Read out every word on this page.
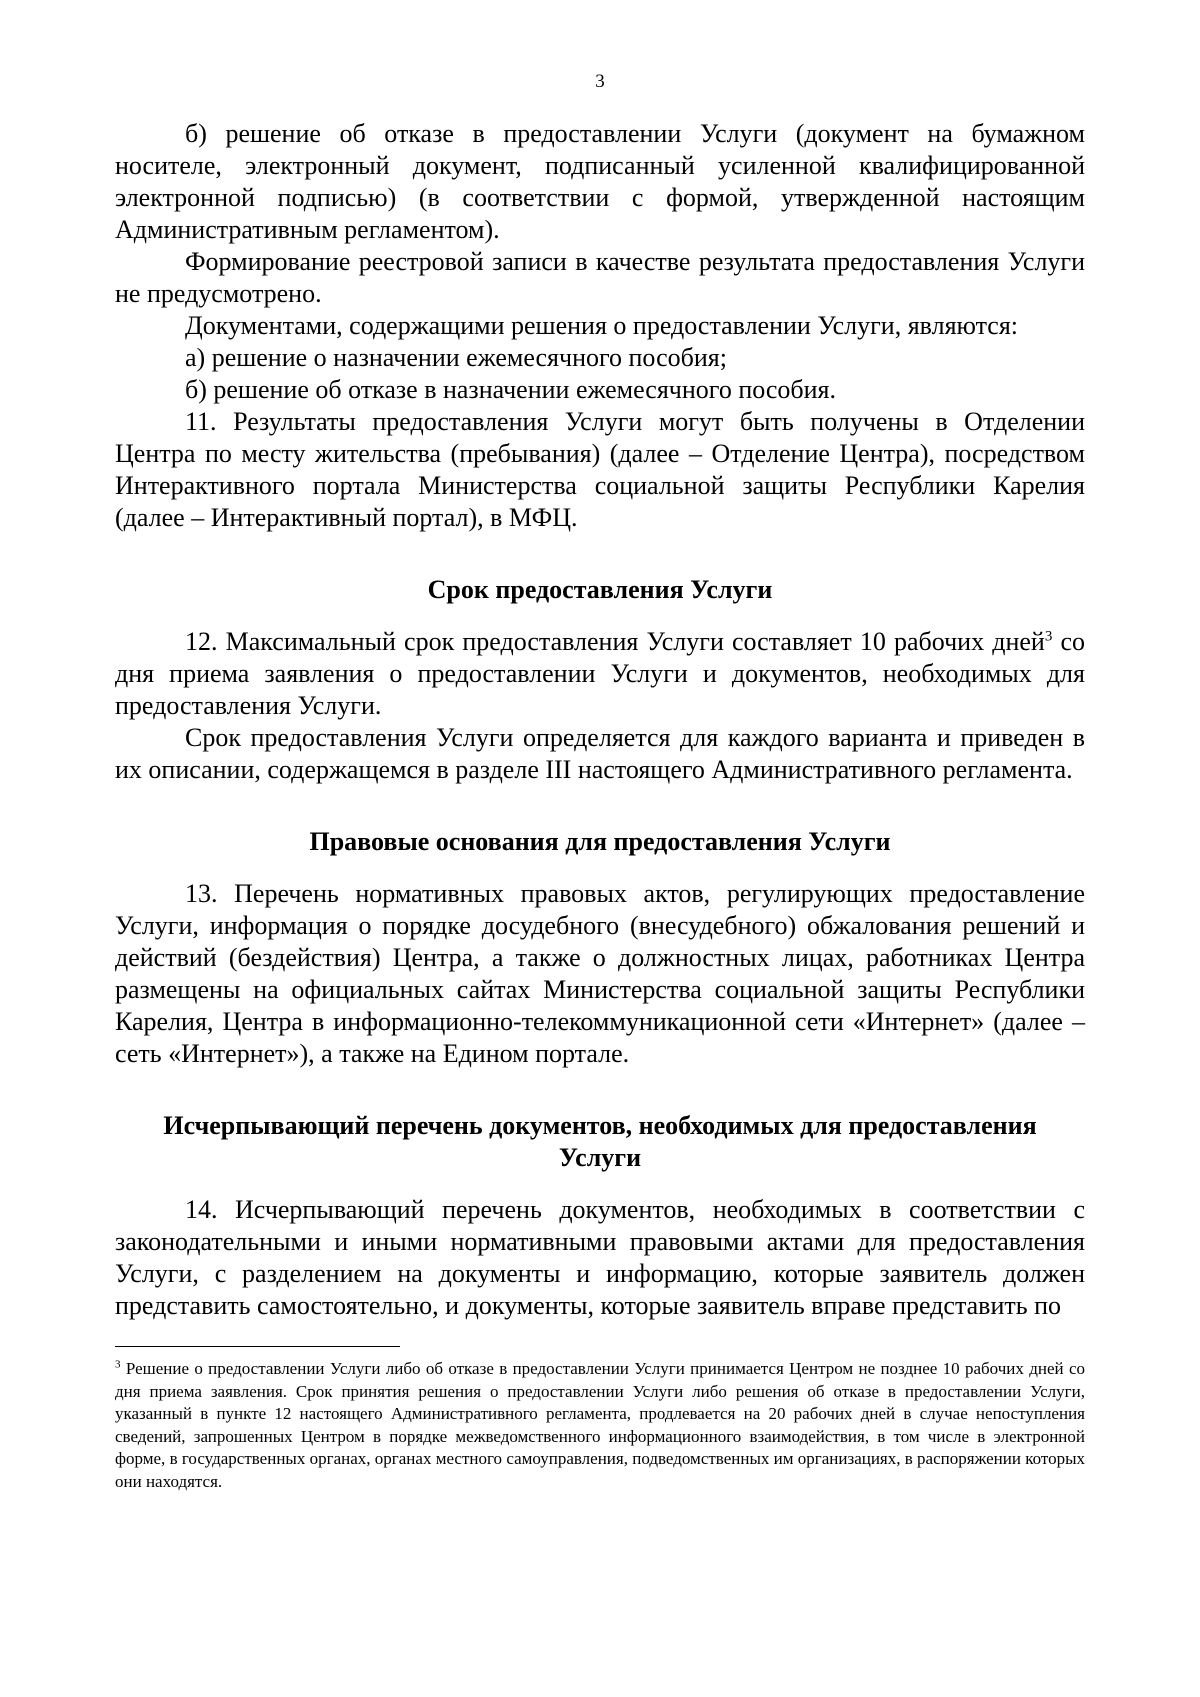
3

б) решение об отказе в предоставлении Услуги (документ на бумажном носителе, электронный документ, подписанный усиленной квалифицированной электронной подписью) (в соответствии с формой, утвержденной настоящим Административным регламентом).

Формирование реестровой записи в качестве результата предоставления Услуги не предусмотрено.

Документами, содержащими решения о предоставлении Услуги, являются:

а) решение о назначении ежемесячного пособия;

б) решение об отказе в назначении ежемесячного пособия.

11. Результаты предоставления Услуги могут быть получены в Отделении Центра по месту жительства (пребывания) (далее – Отделение Центра), посредством Интерактивного портала Министерства социальной защиты Республики Карелия (далее – Интерактивный портал), в МФЦ.

Срок предоставления Услуги

12. Максимальный срок предоставления Услуги составляет 10 рабочих дней$^3$ со дня приема заявления о предоставлении Услуги и документов, необходимых для предоставления Услуги.

Срок предоставления Услуги определяется для каждого варианта и приведен в их описании, содержащемся в разделе III настоящего Административного регламента.

Правовые основания для предоставления Услуги

13. Перечень нормативных правовых актов, регулирующих предоставление Услуги, информация о порядке досудебного (внесудебного) обжалования решений и действий (бездействия) Центра, а также о должностных лицах, работниках Центра размещены на официальных сайтах Министерства социальной защиты Республики Карелия, Центра в информационно-телекоммуникационной сети «Интернет» (далее – сеть «Интернет»), а также на Едином портале.

Исчерпывающий перечень документов, необходимых для предоставления Услуги

14. Исчерпывающий перечень документов, необходимых в соответствии с законодательными и иными нормативными правовыми актами для предоставления Услуги, с разделением на документы и информацию, которые заявитель должен представить самостоятельно, и документы, которые заявитель вправе представить по

$^3$ Решение о предоставлении Услуги либо об отказе в предоставлении Услуги принимается Центром не позднее 10 рабочих дней со дня приема заявления. Срок принятия решения о предоставлении Услуги либо решения об отказе в предоставлении Услуги, указанный в пункте 12 настоящего Административного регламента, продлевается на 20 рабочих дней в случае непоступления сведений, запрошенных Центром в порядке межведомственного информационного взаимодействия, в том числе в электронной форме, в государственных органах, органах местного самоуправления, подведомственных им организациях, в распоряжении которых они находятся.
